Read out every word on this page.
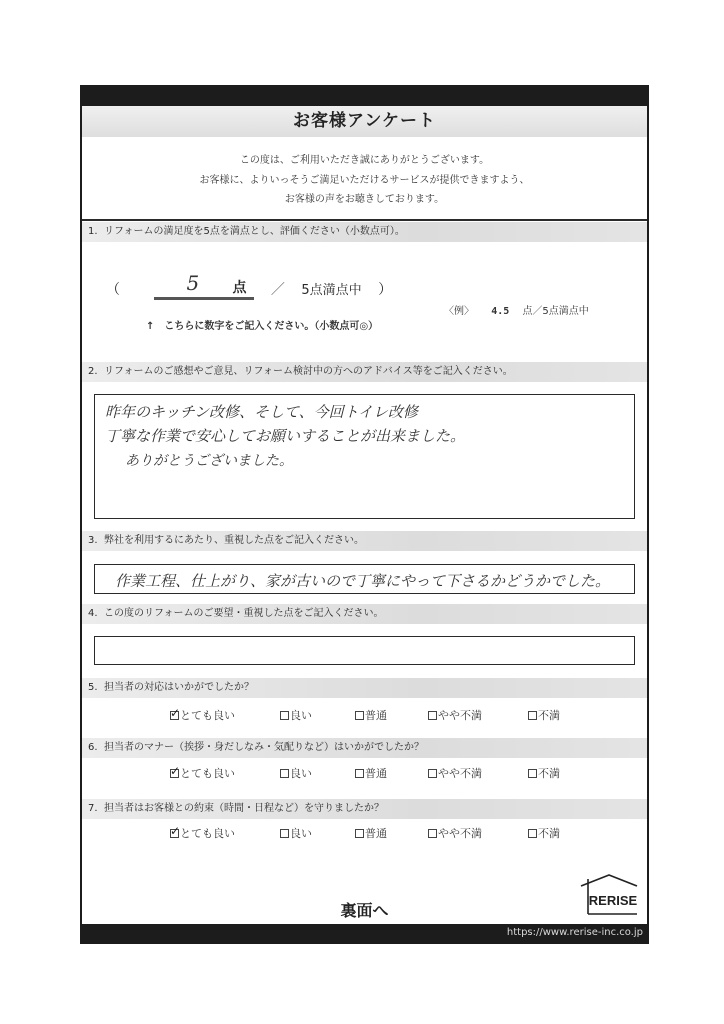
お客様アンケート
この度は、ご利用いただき誠にありがとうございます。
お客様に、よりいっそうご満足いただけるサービスが提供できますよう、
お客様の声をお聴きしております。
1. リフォームの満足度を5点を満点とし、評価ください（小数点可）。
（	5 点 ／ 5点満点中 ）
↑　こちらに数字をご記入ください。（小数点可◎）
〈例〉 4.5 点／5点満点中
2. リフォームのご感想やご意見、リフォーム検討中の方へのアドバイス等をご記入ください。
昨年のキッチン改修、そして、今回トイレ改修
丁寧な作業で安心してお願いすることが出来ました。
ありがとうございました。
3. 弊社を利用するにあたり、重視した点をご記入ください。
作業工程、仕上がり、家が古いので丁寧にやって下さるかどうかでした。
4. この度のリフォームのご要望・重視した点をご記入ください。
5. 担当者の対応はいかがでしたか？
✓とても良い	良い	普通	やや不満	不満
6. 担当者のマナー（挨拶・身だしなみ・気配りなど）はいかがでしたか？
✓とても良い	良い	普通	やや不満	不満
7. 担当者はお客様との約束（時間・日程など）を守りましたか？
✓とても良い	良い	普通	やや不満	不満
裏面へ
RERISE
https://www.rerise-inc.co.jp
